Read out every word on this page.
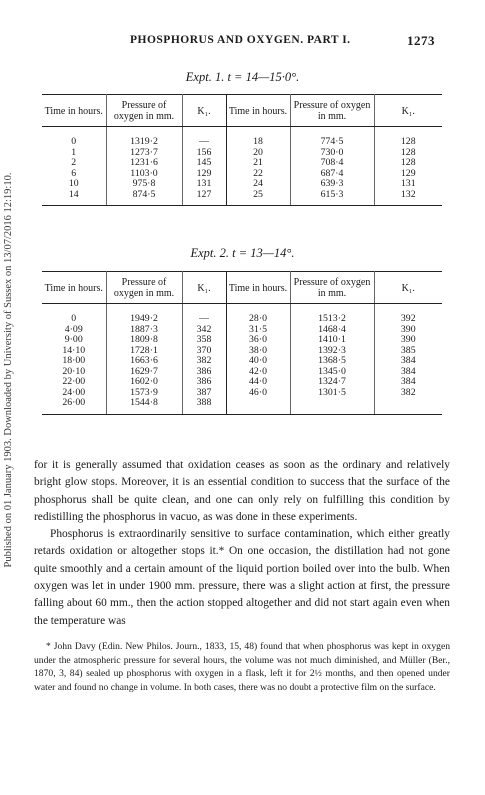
Published on 01 January 1903. Downloaded by University of Sussex on 13/07/2016 12:19:10.
PHOSPHORUS AND OXYGEN. PART I.	1273
Expt. 1. t = 14—15·0°.
Time in hours.	Pressure of oxygen in mm.	K₁.	Time in hours.	Pressure of oxygen in mm.	K₁.
0	1319·2	—	18	774·5	128
1	1273·7	156	20	730·0	128
2	1231·6	145	21	708·4	128
6	1103·0	129	22	687·4	129
10	975·8	131	24	639·3	131
14	874·5	127	25	615·3	132
Expt. 2. t = 13—14°.
Time in hours.	Pressure of oxygen in mm.	K₁.	Time in hours.	Pressure of oxygen in mm.	K₁.
0	1949·2	—	28·0	1513·2	392
4·09	1887·3	342	31·5	1468·4	390
9·00	1809·8	358	36·0	1410·1	390
14·10	1728·1	370	38·0	1392·3	385
18·00	1663·6	382	40·0	1368·5	384
20·10	1629·7	386	42·0	1345·0	384
22·00	1602·0	386	44·0	1324·7	384
24·00	1573·9	387	46·0	1301·5	382
26·00	1544·8	388			

for it is generally assumed that oxidation ceases as soon as the ordinary and relatively bright glow stops. Moreover, it is an essential condition to success that the surface of the phosphorus shall be quite clean, and one can only rely on fulfilling this condition by redistilling the phosphorus in vacuo, as was done in these experiments.

Phosphorus is extraordinarily sensitive to surface contamination, which either greatly retards oxidation or altogether stops it.* On one occasion, the distillation had not gone quite smoothly and a certain amount of the liquid portion boiled over into the bulb. When oxygen was let in under 1900 mm. pressure, there was a slight action at first, the pressure falling about 60 mm., then the action stopped altogether and did not start again even when the temperature was

* John Davy (Edin. New Philos. Journ., 1833, 15, 48) found that when phosphorus was kept in oxygen under the atmospheric pressure for several hours, the volume was not much diminished, and Müller (Ber., 1870, 3, 84) sealed up phosphorus with oxygen in a flask, left it for 2½ months, and then opened under water and found no change in volume. In both cases, there was no doubt a protective film on the surface.
